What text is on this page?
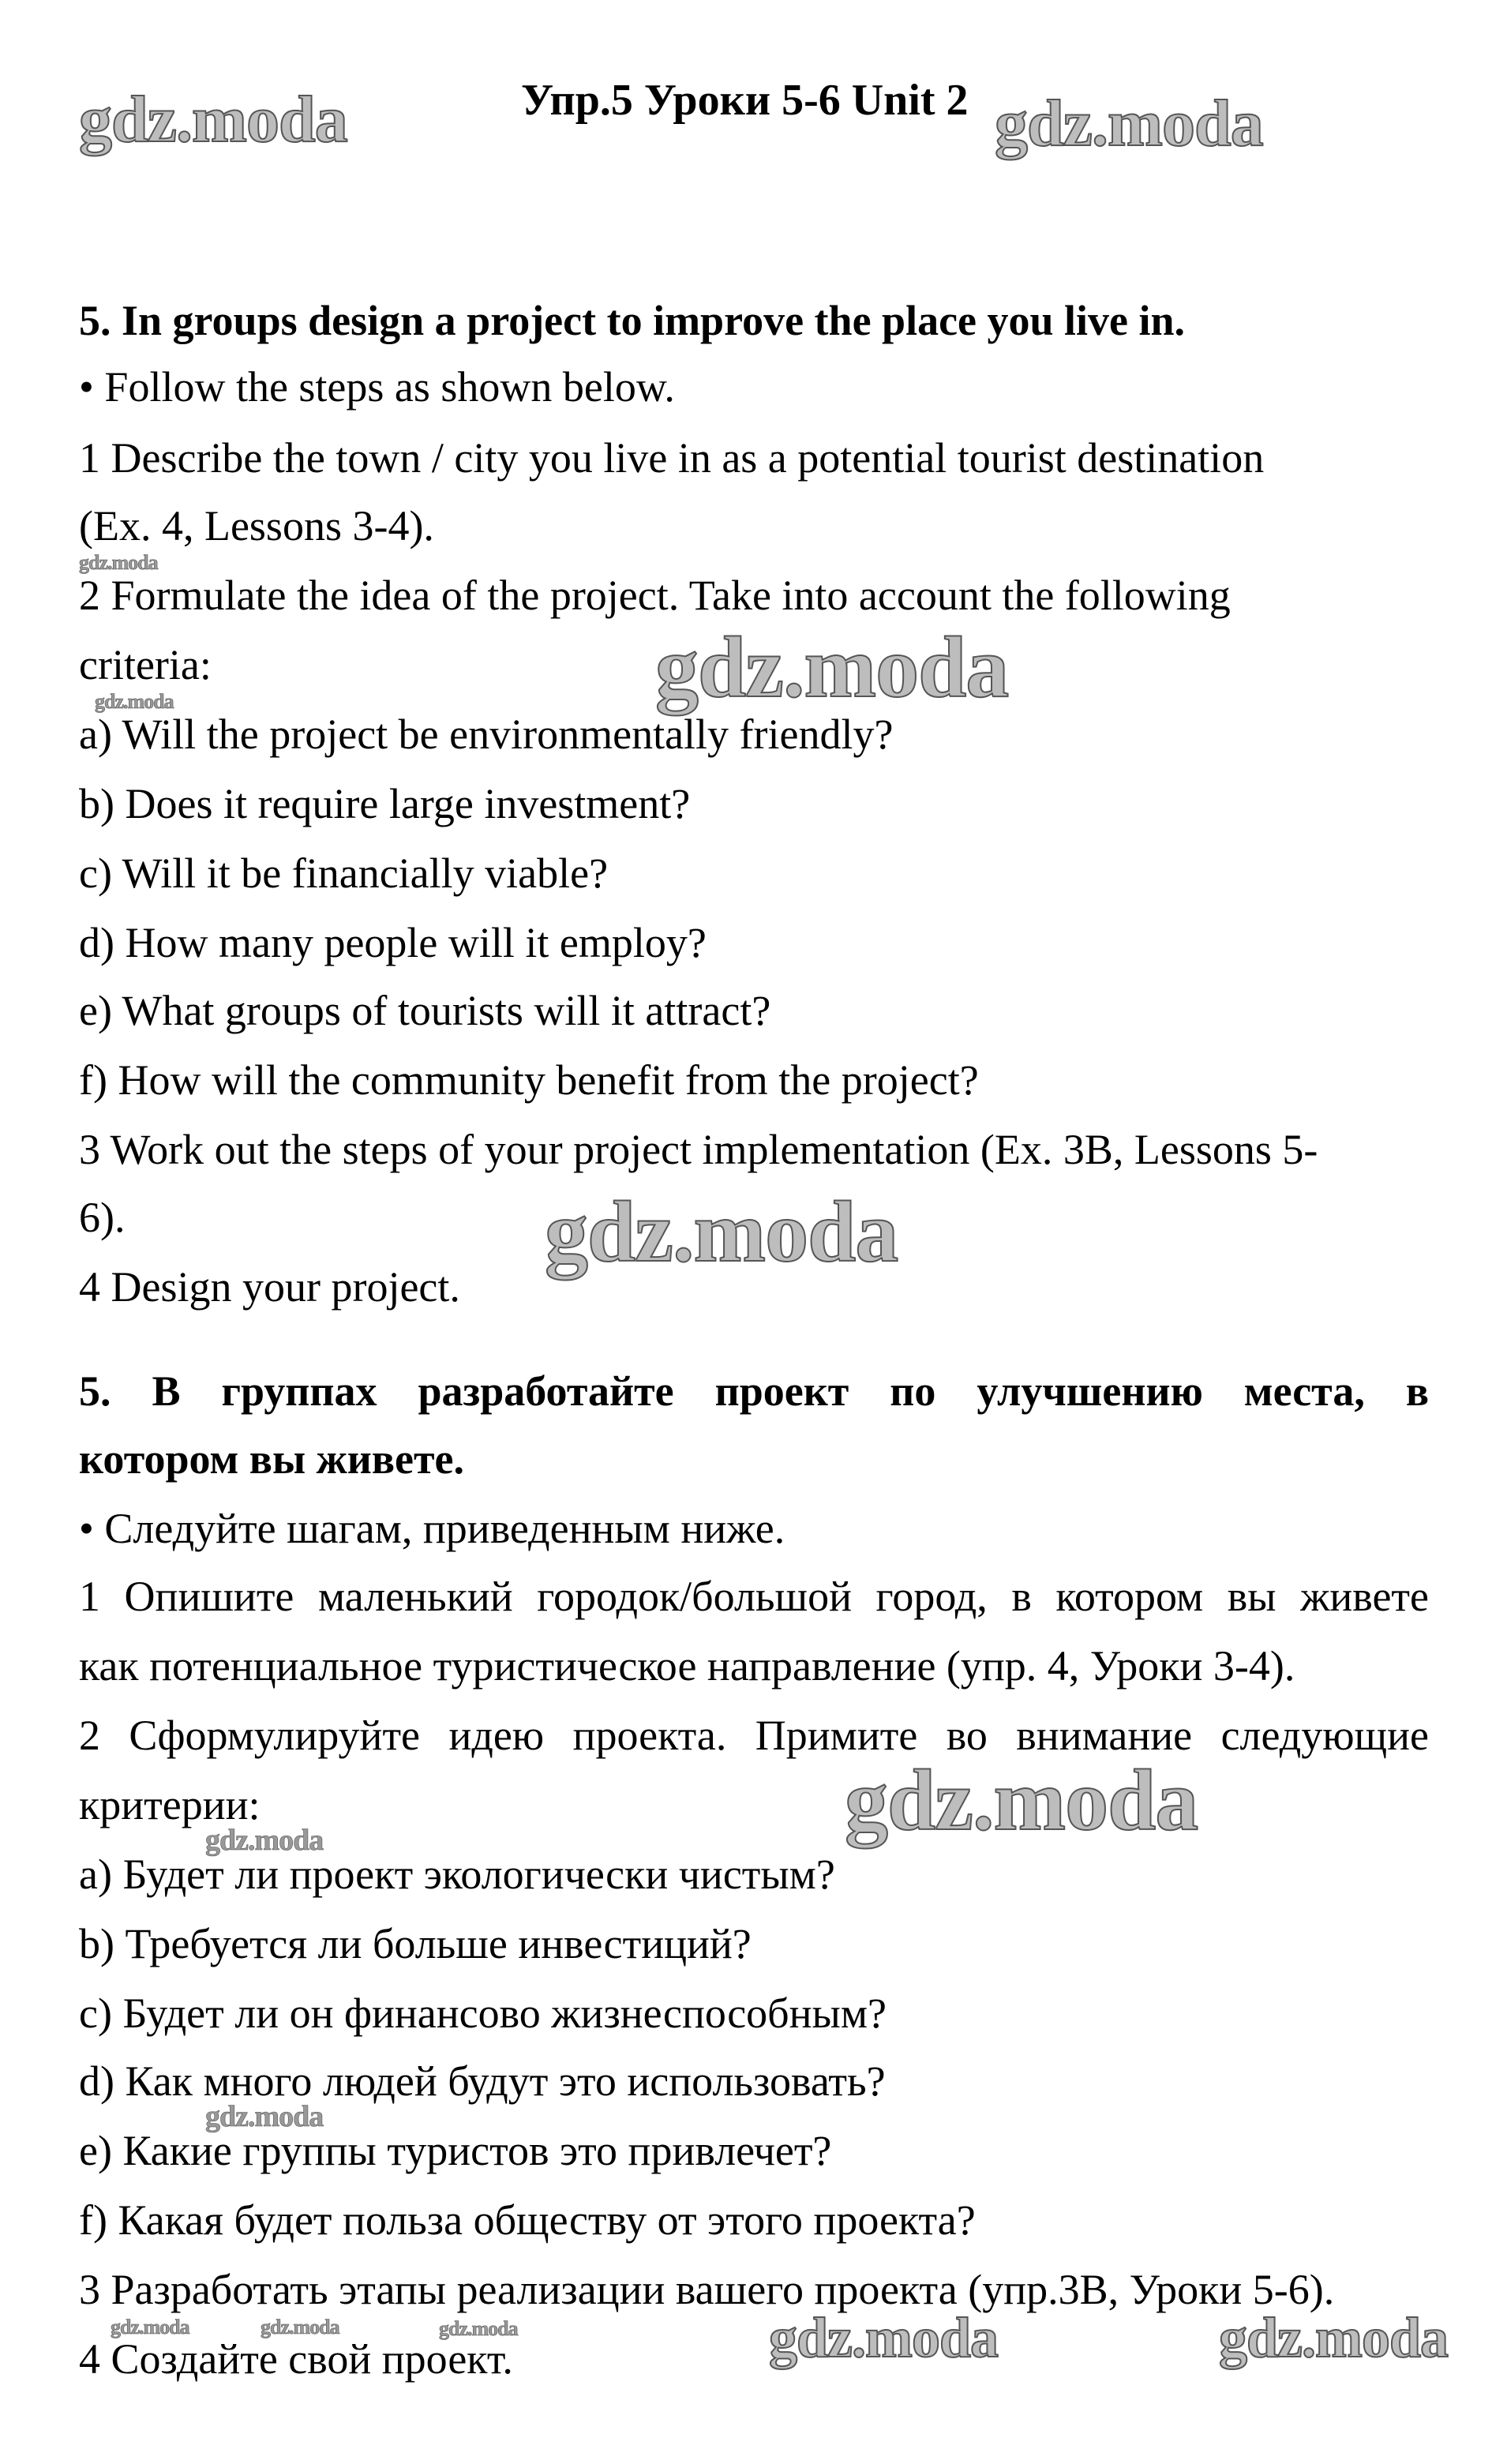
gdz.moda	gdz.moda
gdz.moda
gdz.moda
gdz.moda
gdz.moda	gdz.moda
gdz.moda
gdz.moda
gdz.moda
gdz.moda
gdz.moda	gdz.moda	gdz.moda
Упр.5 Уроки 5-6 Unit 2
5. In groups design a project to improve the place you live in.
• Follow the steps as shown below.
1 Describe the town / city you live in as a potential tourist destination
(Ex. 4, Lessons 3-4).
2 Formulate the idea of the project. Take into account the following
criteria:
a) Will the project be environmentally friendly?
b) Does it require large investment?
c) Will it be financially viable?
d) How many people will it employ?
e) What groups of tourists will it attract?
f) How will the community benefit from the project?
3 Work out the steps of your project implementation (Ex. 3B, Lessons 5-
6).
4 Design your project.
5. В группах разработайте проект по улучшению места, в
котором вы живете.
• Следуйте шагам, приведенным ниже.
1 Опишите маленький городок/большой город, в котором вы живете
как потенциальное туристическое направление (упр. 4, Уроки 3-4).
2 Сформулируйте идею проекта. Примите во внимание следующие
критерии:
a) Будет ли проект экологически чистым?
b) Требуется ли больше инвестиций?
c) Будет ли он финансово жизнеспособным?
d) Как много людей будут это использовать?
e) Какие группы туристов это привлечет?
f) Какая будет польза обществу от этого проекта?
3 Разработать этапы реализации вашего проекта (упр.3B, Уроки 5-6).
4 Создайте свой проект.
